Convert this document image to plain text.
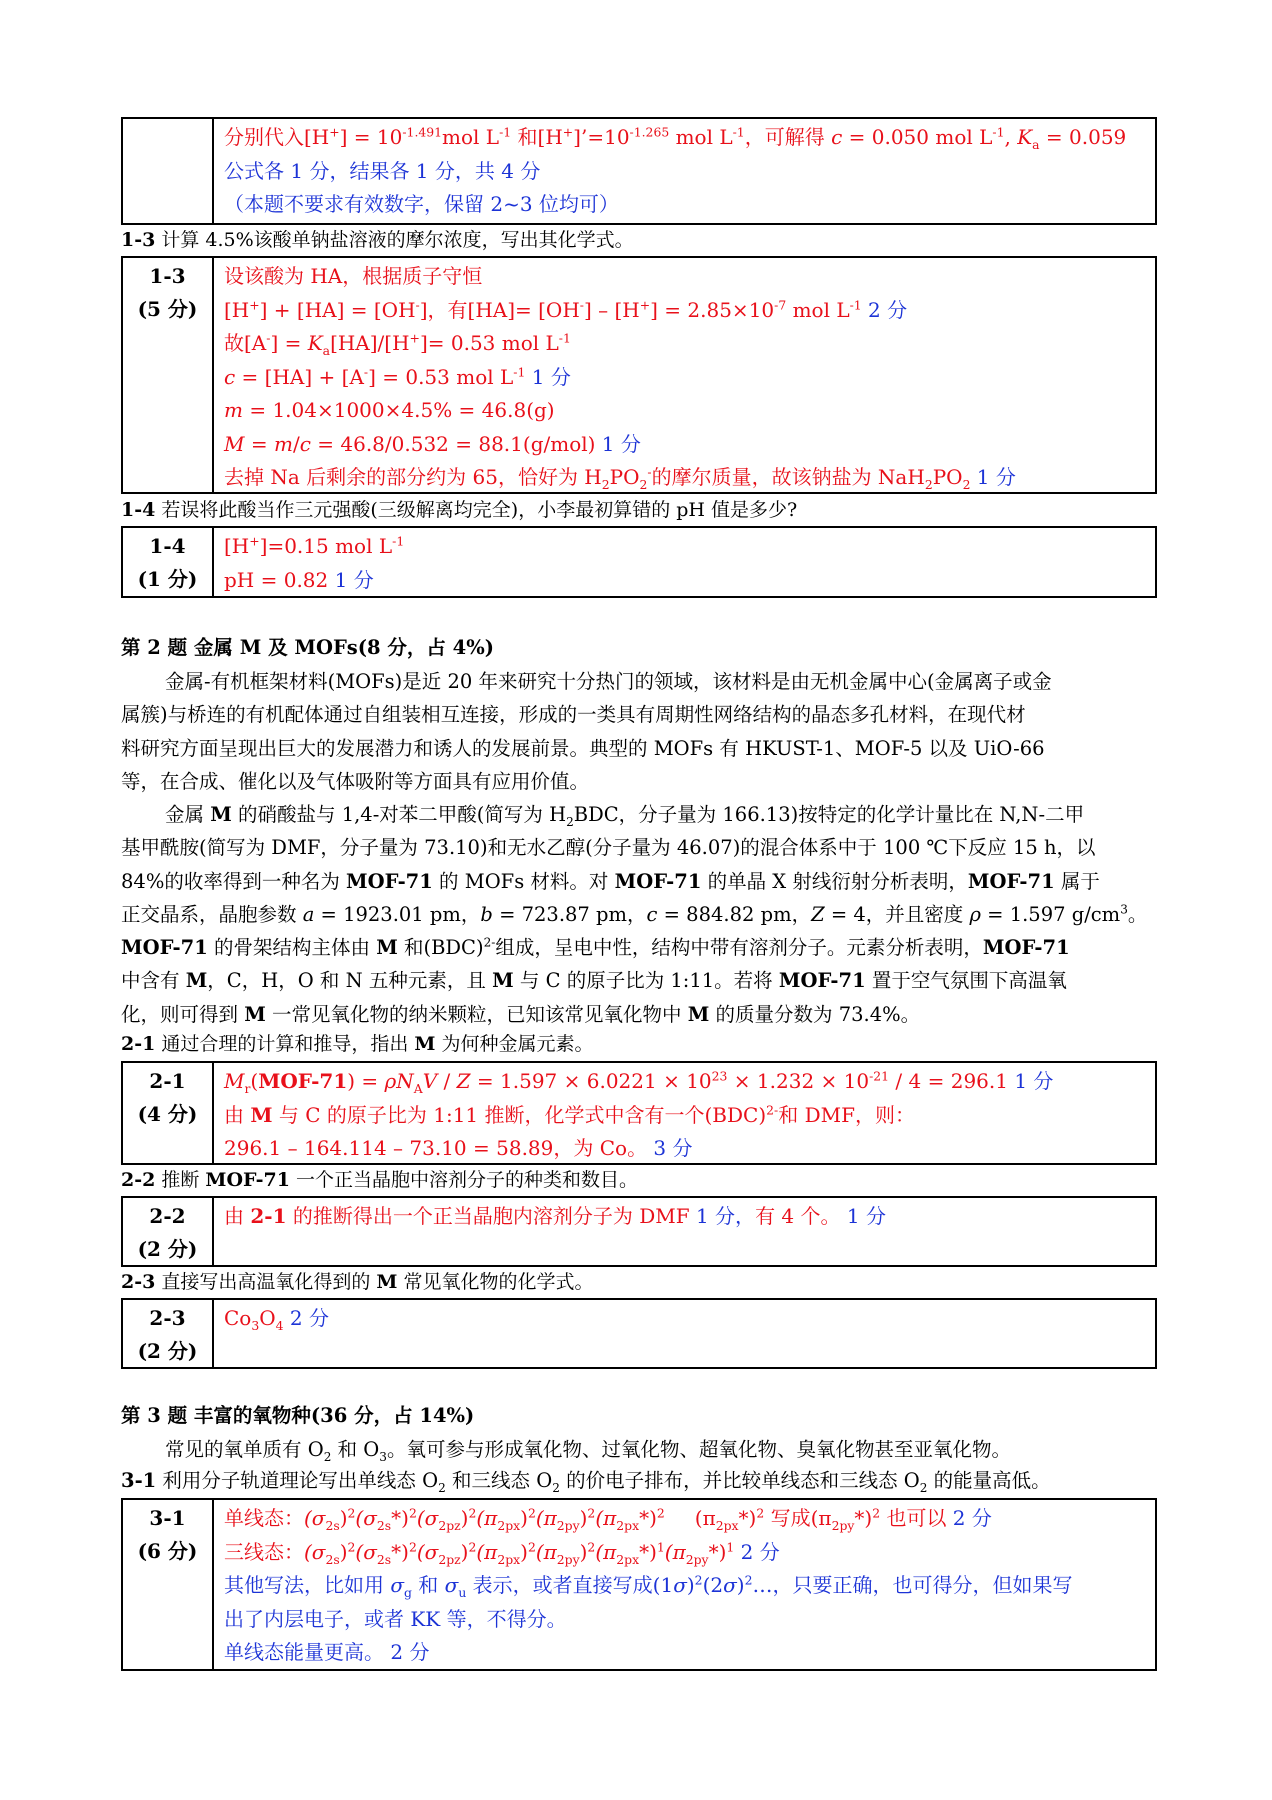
分别代入$[H^+] = 10^{-1.491}mol$ $L^{-1}$ 和$[H^+]’=10^{-1.265}$ mol $L^{-1}$，可解得 c = 0.050 mol $L^{-1}$, $K_a = 0.059$
公式各 1 分，结果各 1 分，共 4 分
（本题不要求有效数字，保留 2~3 位均可）
1-3 计算 4.5%该酸单钠盐溶液的摩尔浓度，写出其化学式。
1-3
(5 分)
设该酸为 HA，根据质子守恒
[H+] + [HA] = [OH-]，有$[HA]= [OH^-] - [H^+] = 2.85\times 10^{-7}$ mol $L^{-1}$ 2 分
故$[A^-] = K_a[HA]/[H^+]= 0.53$ mol $L^{-1}$
c = [HA] + [A-] = 0.53 mol $L^{-1}$ 1 分
m = 1.04×1000×4.5% = 46.8(g)
M = m/c = 46.8/0.532 = 88.1(g/mol) 1 分
去掉 Na 后剩余的部分约为 65，恰好为 $H_2PO_2^-$的摩尔质量，故该钠盐为 $NaH_2PO_2$ 1 分
1-4 若误将此酸当作三元强酸(三级解离均完全)，小李最初算错的 pH 值是多少?
1-4
(1 分)
[H+]=0.15 mol $L^{-1}$
pH = 0.82 1 分
第 2 题 金属 M 及 MOFs(8 分，占 4%)
金属-有机框架材料(MOFs)是近 20 年来研究十分热门的领域，该材料是由无机金属中心(金属离子或金
属簇)与桥连的有机配体通过自组装相互连接，形成的一类具有周期性网络结构的晶态多孔材料，在现代材
料研究方面呈现出巨大的发展潜力和诱人的发展前景。典型的 MOFs 有 HKUST-1、MOF-5 以及 UiO-66
等，在合成、催化以及气体吸附等方面具有应用价值。
金属 M 的硝酸盐与 1,4-对苯二甲酸(简写为 $H_2BDC$，分子量为 166.13)按特定的化学计量比在 N,N-二甲
基甲酰胺(简写为 DMF，分子量为 73.10)和无水乙醇(分子量为 46.07)的混合体系中于 100 ℃下反应 15 h，以
84%的收率得到一种名为 MOF-71 的 MOFs 材料。对 MOF-71 的单晶 X 射线衍射分析表明，MOF-71 属于
正交晶系，晶胞参数 a = 1923.01 pm，b = 723.87 pm，c = 884.82 pm，Z = 4，并且密度 ρ = 1.597 $g/cm^3$。
MOF-71 的骨架结构主体由 M 和(BDC)$^{2-}$组成，呈电中性，结构中带有溶剂分子。元素分析表明，MOF-71
中含有 M，C，H，O 和 N 五种元素，且 M 与 C 的原子比为 1:11。若将 MOF-71 置于空气氛围下高温氧
化，则可得到 M 一常见氧化物的纳米颗粒，已知该常见氧化物中 M 的质量分数为 73.4%。
2-1 通过合理的计算和推导，指出 M 为何种金属元素。
2-1
(4 分)
$M_r(MOF-71) = \rho N_AV / Z = 1.597 \times 6.0221 \times 10^{23} \times 1.232 \times 10^{-21} / 4 = 296.1$ 1 分
由 M 与 C 的原子比为 1:11 推断，化学式中含有一个(BDC)$^{2-}$和 DMF，则：
296.1 – 164.114 – 73.10 = 58.89，为 Co。 3 分
2-2 推断 MOF-71 一个正当晶胞中溶剂分子的种类和数目。
2-2
(2 分)
由 2-1 的推断得出一个正当晶胞内溶剂分子为 DMF 1 分，有 4 个。 1 分
2-3 直接写出高温氧化得到的 M 常见氧化物的化学式。
2-3
(2 分)
$Co_3O_4$ 2 分
第 3 题 丰富的氧物种(36 分，占 14%)
常见的氧单质有 $O_2$ 和 $O_3$。氧可参与形成氧化物、过氧化物、超氧化物、臭氧化物甚至亚氧化物。
3-1 利用分子轨道理论写出单线态 $O_2$ 和三线态 $O_2$ 的价电子排布，并比较单线态和三线态 $O_2$ 的能量高低。
3-1
(6 分)
单线态：$(\sigma_{2s})^2(\sigma_{2s}*)^2(\sigma_{2pz})^2(\pi_{2px})^2(\pi_{2py})^2(\pi_{2px}*)^2$ $(\pi_{2px}*)^2$ 写成$(\pi_{2py}*)^2$ 也可以 2 分
三线态：$(\sigma_{2s})^2(\sigma_{2s}*)^2(\sigma_{2pz})^2(\pi_{2px})^2(\pi_{2py})^2(\pi_{2px}*)^1(\pi_{2py}*)^1$ 2 分
其他写法，比如用 $\sigma_g$ 和 $\sigma_u$ 表示，或者直接写成$(1\sigma)^2(2\sigma)^2\dots$，只要正确，也可得分，但如果写
出了内层电子，或者 KK 等，不得分。
单线态能量更高。 2 分
